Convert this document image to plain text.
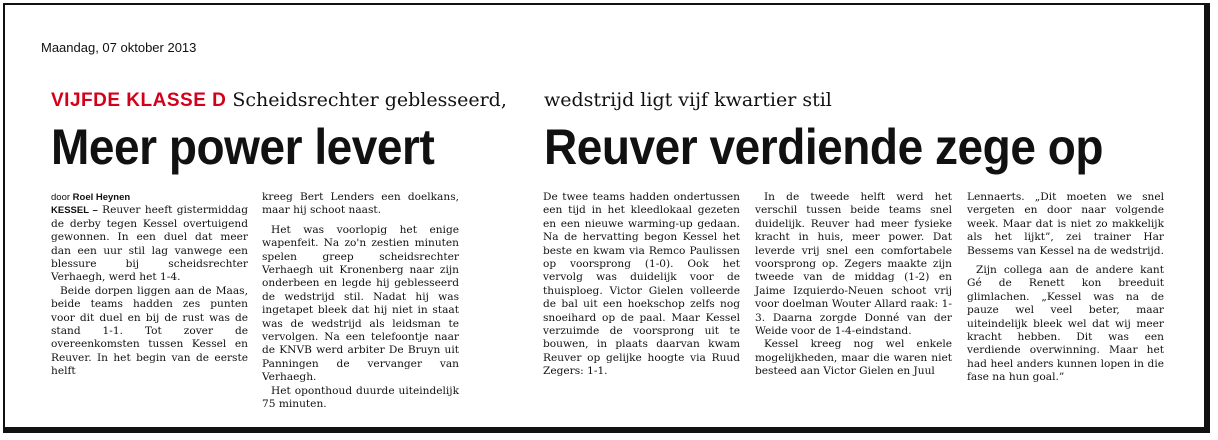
Maandag, 07 oktober 2013
VIJFDE KLASSE D Scheidsrechter geblesseerd, wedstrijd ligt vijf kwartier stil
Meer power levert Reuver verdiende zege op

door Roel Heynen

KESSEL – Reuver heeft gistermiddag de derby tegen Kessel overtuigend gewonnen. In een duel dat meer dan een uur stil lag vanwege een blessure bij scheidsrechter Verhaegh, werd het 1-4.

Beide dorpen liggen aan de Maas, beide teams hadden zes punten voor dit duel en bij de rust was de stand 1-1. Tot zover de overeenkomsten tussen Kessel en Reuver. In het begin van de eerste helft

kreeg Bert Lenders een doelkans, maar hij schoot naast.

Het was voorlopig het enige wapenfeit. Na zo'n zestien minuten spelen greep scheidsrechter Verhaegh uit Kronenberg naar zijn onderbeen en legde hij geblesseerd de wedstrijd stil. Nadat hij was ingetapet bleek dat hij niet in staat was de wedstrijd als leidsman te vervolgen. Na een telefoontje naar de KNVB werd arbiter De Bruyn uit Panningen de vervanger van Verhaegh.

Het oponthoud duurde uiteindelijk 75 minuten.

De twee teams hadden ondertussen een tijd in het kleedlokaal gezeten en een nieuwe warming-up gedaan. Na de hervatting begon Kessel het beste en kwam via Remco Paulissen op voorsprong (1-0). Ook het vervolg was duidelijk voor de thuisploeg. Victor Gielen volleerde de bal uit een hoekschop zelfs nog snoeihard op de paal. Maar Kessel verzuimde de voorsprong uit te bouwen, in plaats daarvan kwam Reuver op gelijke hoogte via Ruud Zegers: 1-1.

In de tweede helft werd het verschil tussen beide teams snel duidelijk. Reuver had meer fysieke kracht in huis, meer power. Dat leverde vrij snel een comfortabele voorsprong op. Zegers maakte zijn tweede van de middag (1-2) en Jaime Izquierdo-Neuen schoot vrij voor doelman Wouter Allard raak: 1-3. Daarna zorgde Donné van der Weide voor de 1-4-eindstand.

Kessel kreeg nog wel enkele mogelijkheden, maar die waren niet besteed aan Victor Gielen en Juul

Lennaerts. „Dit moeten we snel vergeten en door naar volgende week. Maar dat is niet zo makkelijk als het lijkt”, zei trainer Har Bessems van Kessel na de wedstrijd.

Zijn collega aan de andere kant Gé de Renett kon breeduit glimlachen. „Kessel was na de pauze wel veel beter, maar uiteindelijk bleek wel dat wij meer kracht hebben. Dit was een verdiende overwinning. Maar het had heel anders kunnen lopen in die fase na hun goal.”
